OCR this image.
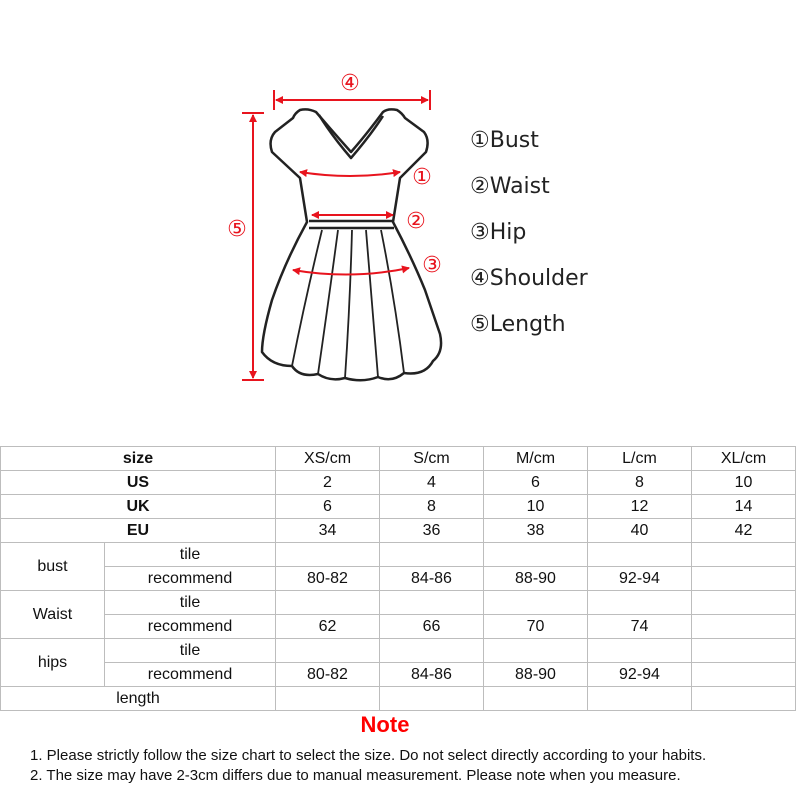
④
⑤
①
②
③
①Bust
②Waist
③Hip
④Shoulder
⑤Length
size		XS/cm	S/cm	M/cm	L/cm	XL/cm
US		2	4	6	8	10
UK		6	8	10	12	14
EU		34	36	38	40	42
bust	tile					
	recommend	80-82	84-86	88-90	92-94	
Waist	tile					
	recommend	62	66	70	74	
hips	tile					
	recommend	80-82	84-86	88-90	92-94	
length						
Note
1. Please strictly follow the size chart to select the size. Do not select directly according to your habits.
2. The size may have 2-3cm differs due to manual measurement. Please note when you measure.
